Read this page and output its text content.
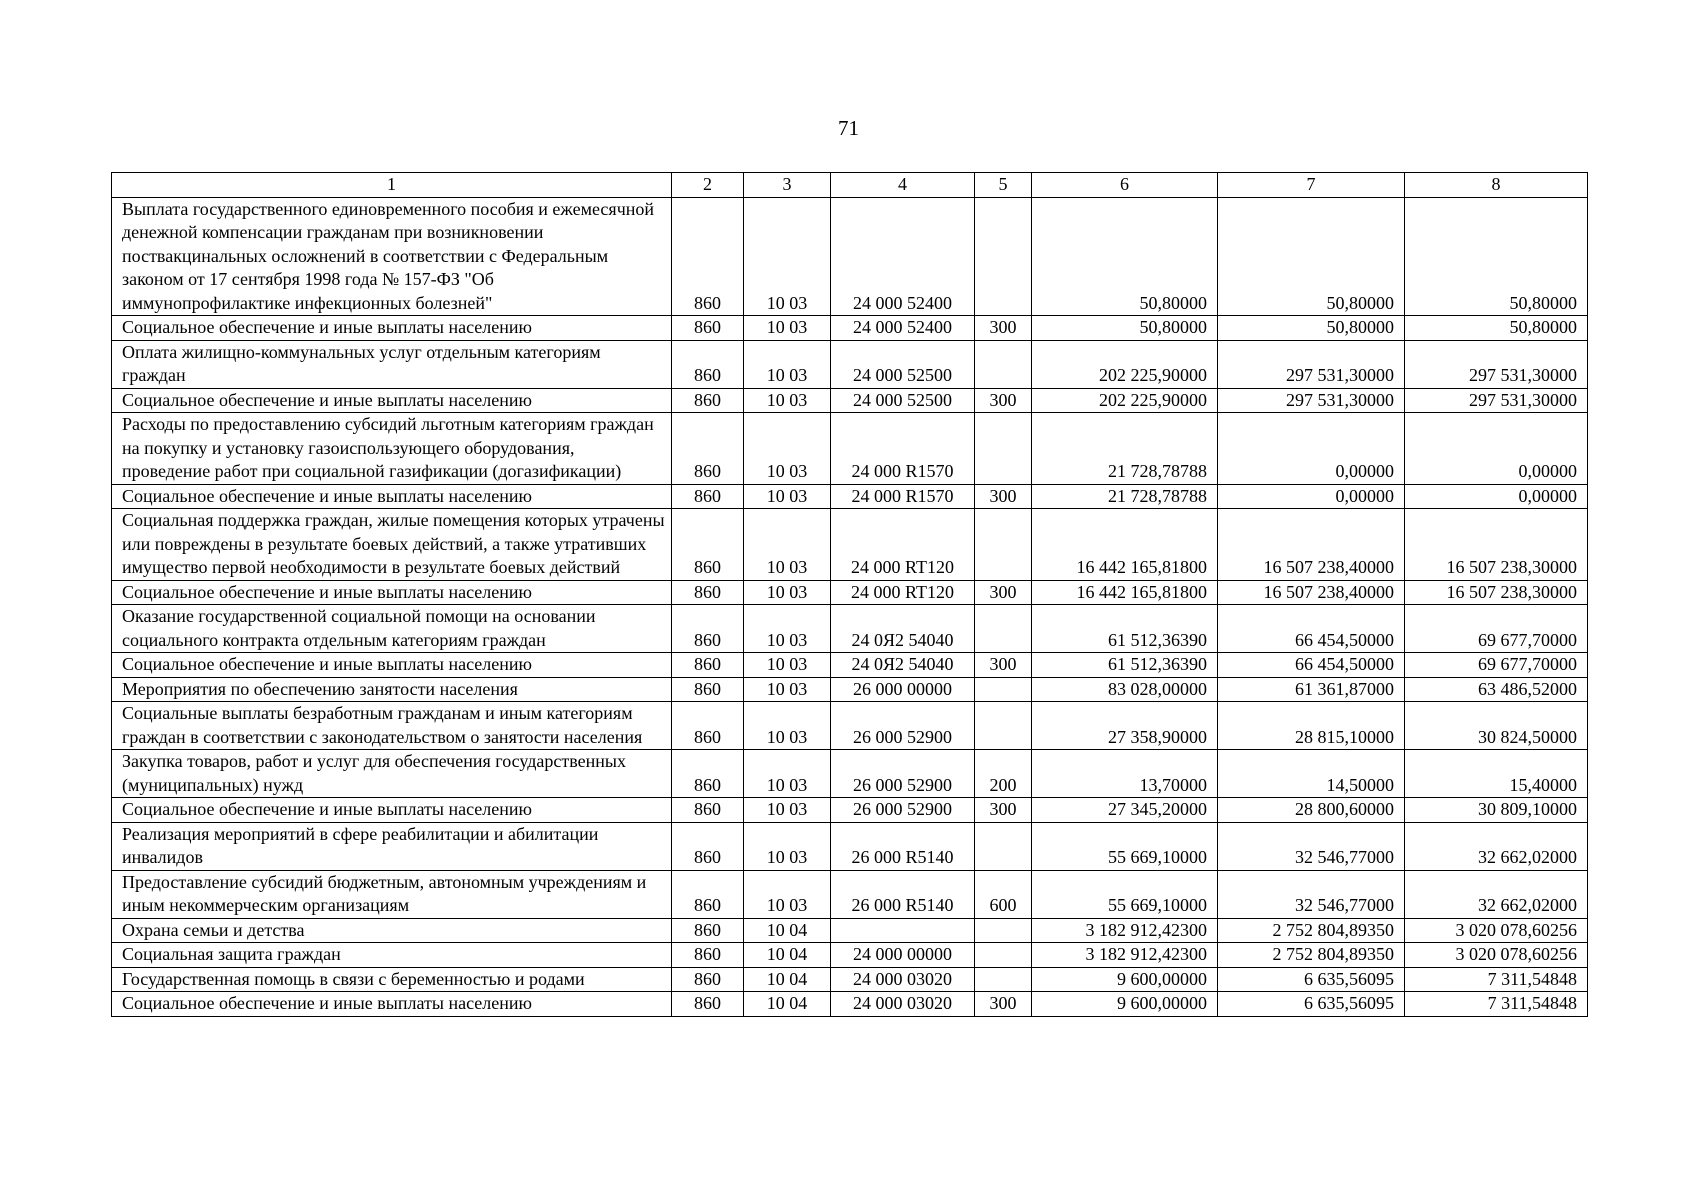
71
1	2	3	4	5	6	7	8
Выплата государственного единовременного пособия и ежемесячной денежной компенсации гражданам при возникновении поствакцинальных осложнений в соответствии с Федеральным законом от 17 сентября 1998 года № 157-ФЗ "Об иммунопрофилактике инфекционных болезней"	860	10 03	24 000 52400		50,80000	50,80000	50,80000
Социальное обеспечение и иные выплаты населению	860	10 03	24 000 52400	300	50,80000	50,80000	50,80000
Оплата жилищно-коммунальных услуг отдельным категориям граждан	860	10 03	24 000 52500		202 225,90000	297 531,30000	297 531,30000
Социальное обеспечение и иные выплаты населению	860	10 03	24 000 52500	300	202 225,90000	297 531,30000	297 531,30000
Расходы по предоставлению субсидий льготным категориям граждан на покупку и установку газоиспользующего оборудования, проведение работ при социальной газификации (догазификации)	860	10 03	24 000 R1570		21 728,78788	0,00000	0,00000
Социальное обеспечение и иные выплаты населению	860	10 03	24 000 R1570	300	21 728,78788	0,00000	0,00000
Социальная поддержка граждан, жилые помещения которых утрачены или повреждены в результате боевых действий, а также утративших имущество первой необходимости в результате боевых действий	860	10 03	24 000 RT120		16 442 165,81800	16 507 238,40000	16 507 238,30000
Социальное обеспечение и иные выплаты населению	860	10 03	24 000 RT120	300	16 442 165,81800	16 507 238,40000	16 507 238,30000
Оказание государственной социальной помощи на основании социального контракта отдельным категориям граждан	860	10 03	24 0Я2 54040		61 512,36390	66 454,50000	69 677,70000
Социальное обеспечение и иные выплаты населению	860	10 03	24 0Я2 54040	300	61 512,36390	66 454,50000	69 677,70000
Мероприятия по обеспечению занятости населения	860	10 03	26 000 00000		83 028,00000	61 361,87000	63 486,52000
Социальные выплаты безработным гражданам и иным категориям граждан в соответствии с законодательством о занятости населения	860	10 03	26 000 52900		27 358,90000	28 815,10000	30 824,50000
Закупка товаров, работ и услуг для обеспечения государственных (муниципальных) нужд	860	10 03	26 000 52900	200	13,70000	14,50000	15,40000
Социальное обеспечение и иные выплаты населению	860	10 03	26 000 52900	300	27 345,20000	28 800,60000	30 809,10000
Реализация мероприятий в сфере реабилитации и абилитации инвалидов	860	10 03	26 000 R5140		55 669,10000	32 546,77000	32 662,02000
Предоставление субсидий бюджетным, автономным учреждениям и иным некоммерческим организациям	860	10 03	26 000 R5140	600	55 669,10000	32 546,77000	32 662,02000
Охрана семьи и детства	860	10 04			3 182 912,42300	2 752 804,89350	3 020 078,60256
Социальная защита граждан	860	10 04	24 000 00000		3 182 912,42300	2 752 804,89350	3 020 078,60256
Государственная помощь в связи с беременностью и родами	860	10 04	24 000 03020		9 600,00000	6 635,56095	7 311,54848
Социальное обеспечение и иные выплаты населению	860	10 04	24 000 03020	300	9 600,00000	6 635,56095	7 311,54848
